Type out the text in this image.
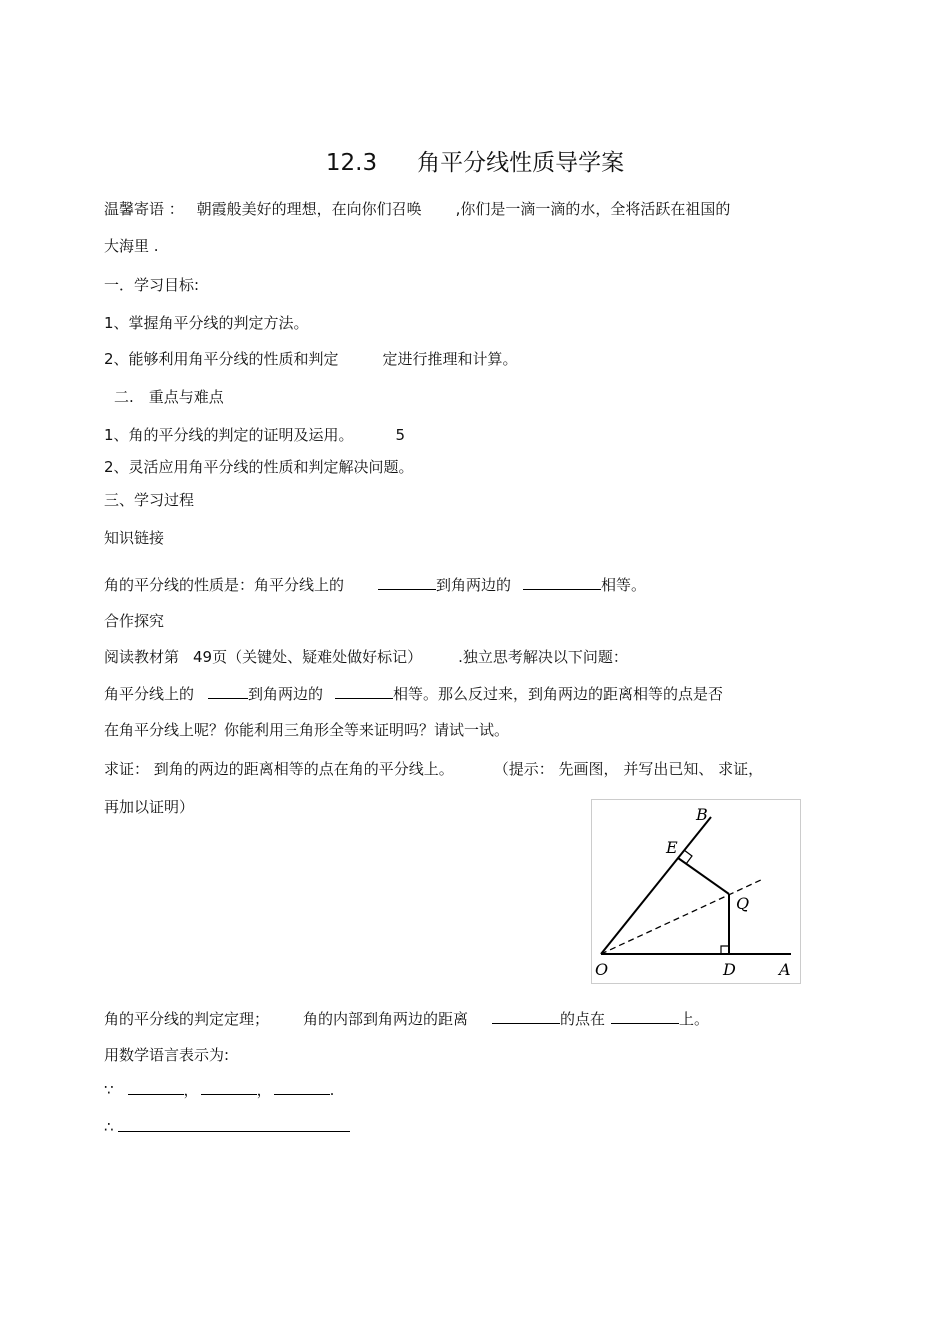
12.3 角平分线性质导学案
温馨寄语 ： 朝霞般美好的理想，在向你们召唤 ,你们是一滴一滴的水，全将活跃在祖国的
大海里 .
一．学习目标:
1、掌握角平分线的判定方法。
2、能够利用角平分线的性质和判定	定进行推理和计算。
二.　重点与难点
1、角的平分线的判定的证明及运用。	5
2、灵活应用角平分线的性质和判定解决问题。
三、学习过程
知识链接
角的平分线的性质是：角平分线上的	到角两边的	相等。
合作探究
阅读教材第 49页（关键处、疑难处做好标记） .独立思考解决以下问题：
角平分线上的	到角两边的	相等。那么反过来，到角两边的距离相等的点是否
在角平分线上呢？你能利用三角形全等来证明吗？请试一试。
求证： 到角的两边的距离相等的点在角的平分线上。	（提示： 先画图， 并写出已知、 求证，
再加以证明）	B
E
Q
O	D	A
角的平分线的判定定理； 角的内部到角两边的距离	的点在	上。
用数学语言表示为:
∵	，	，	.
∴
